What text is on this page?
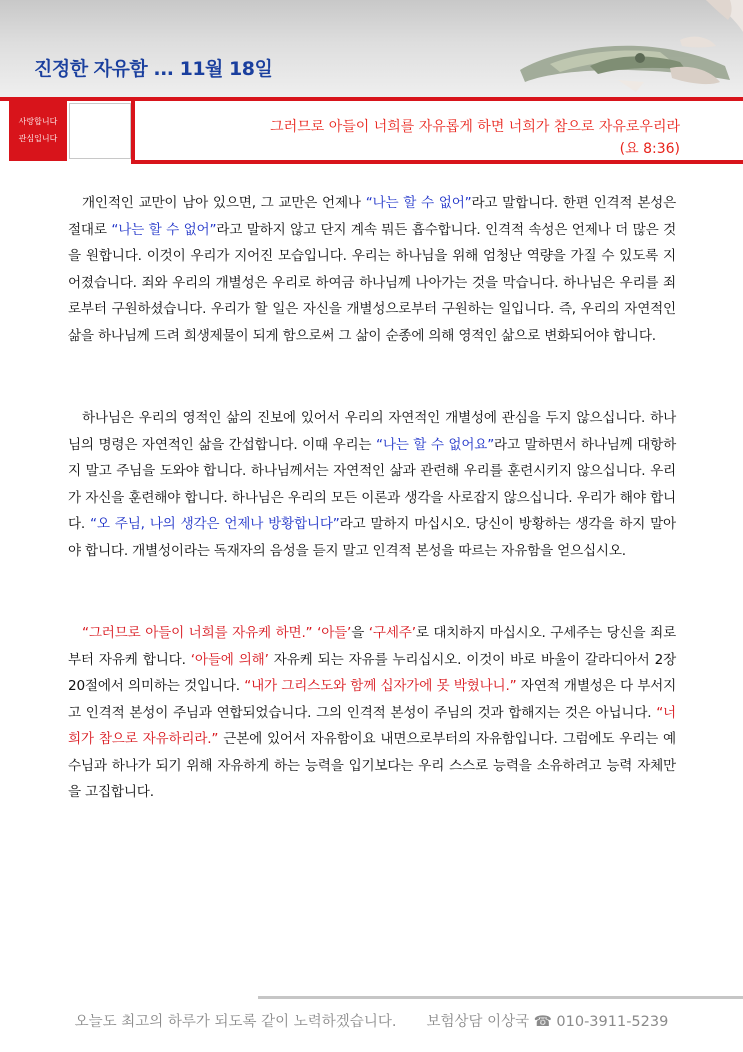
진정한 자유함 ... 11월 18일
사랑합니다
관심입니다
그러므로 아들이 너희를 자유롭게 하면 너희가 참으로 자유로우리라
(요 8:36)

개인적인 교만이 남아 있으면, 그 교만은 언제나 “나는 할 수 없어”라고 말합니다. 한편 인격적 본성은 절대로 “나는 할 수 없어”라고 말하지 않고 단지 계속 뭐든 흡수합니다. 인격적 속성은 언제나 더 많은 것을 원합니다. 이것이 우리가 지어진 모습입니다. 우리는 하나님을 위해 엄청난 역량을 가질 수 있도록 지어졌습니다. 죄와 우리의 개별성은 우리로 하여금 하나님께 나아가는 것을 막습니다. 하나님은 우리를 죄로부터 구원하셨습니다. 우리가 할 일은 자신을 개별성으로부터 구원하는 일입니다. 즉, 우리의 자연적인 삶을 하나님께 드려 희생제물이 되게 함으로써 그 삶이 순종에 의해 영적인 삶으로 변화되어야 합니다.

하나님은 우리의 영적인 삶의 진보에 있어서 우리의 자연적인 개별성에 관심을 두지 않으십니다. 하나님의 명령은 자연적인 삶을 간섭합니다. 이때 우리는 “나는 할 수 없어요”라고 말하면서 하나님께 대항하지 말고 주님을 도와야 합니다. 하나님께서는 자연적인 삶과 관련해 우리를 훈련시키지 않으십니다. 우리가 자신을 훈련해야 합니다. 하나님은 우리의 모든 이론과 생각을 사로잡지 않으십니다. 우리가 해야 합니다. “오 주님, 나의 생각은 언제나 방황합니다”라고 말하지 마십시오. 당신이 방황하는 생각을 하지 말아야 합니다. 개별성이라는 독재자의 음성을 듣지 말고 인격적 본성을 따르는 자유함을 얻으십시오.

“그러므로 아들이 너희를 자유케 하면.” ‘아들’을 ‘구세주’로 대치하지 마십시오. 구세주는 당신을 죄로부터 자유케 합니다. ‘아들에 의해’ 자유케 되는 자유를 누리십시오. 이것이 바로 바울이 갈라디아서 2장 20절에서 의미하는 것입니다. “내가 그리스도와 함께 십자가에 못 박혔나니.” 자연적 개별성은 다 부서지고 인격적 본성이 주님과 연합되었습니다. 그의 인격적 본성이 주님의 것과 합해지는 것은 아닙니다. “너희가 참으로 자유하리라.” 근본에 있어서 자유함이요 내면으로부터의 자유함입니다. 그럼에도 우리는 예수님과 하나가 되기 위해 자유하게 하는 능력을 입기보다는 우리 스스로 능력을 소유하려고 능력 자체만을 고집합니다.

오늘도 최고의 하루가 되도록 같이 노력하겠습니다. 보험상담 이상국 ☎ 010-3911-5239
